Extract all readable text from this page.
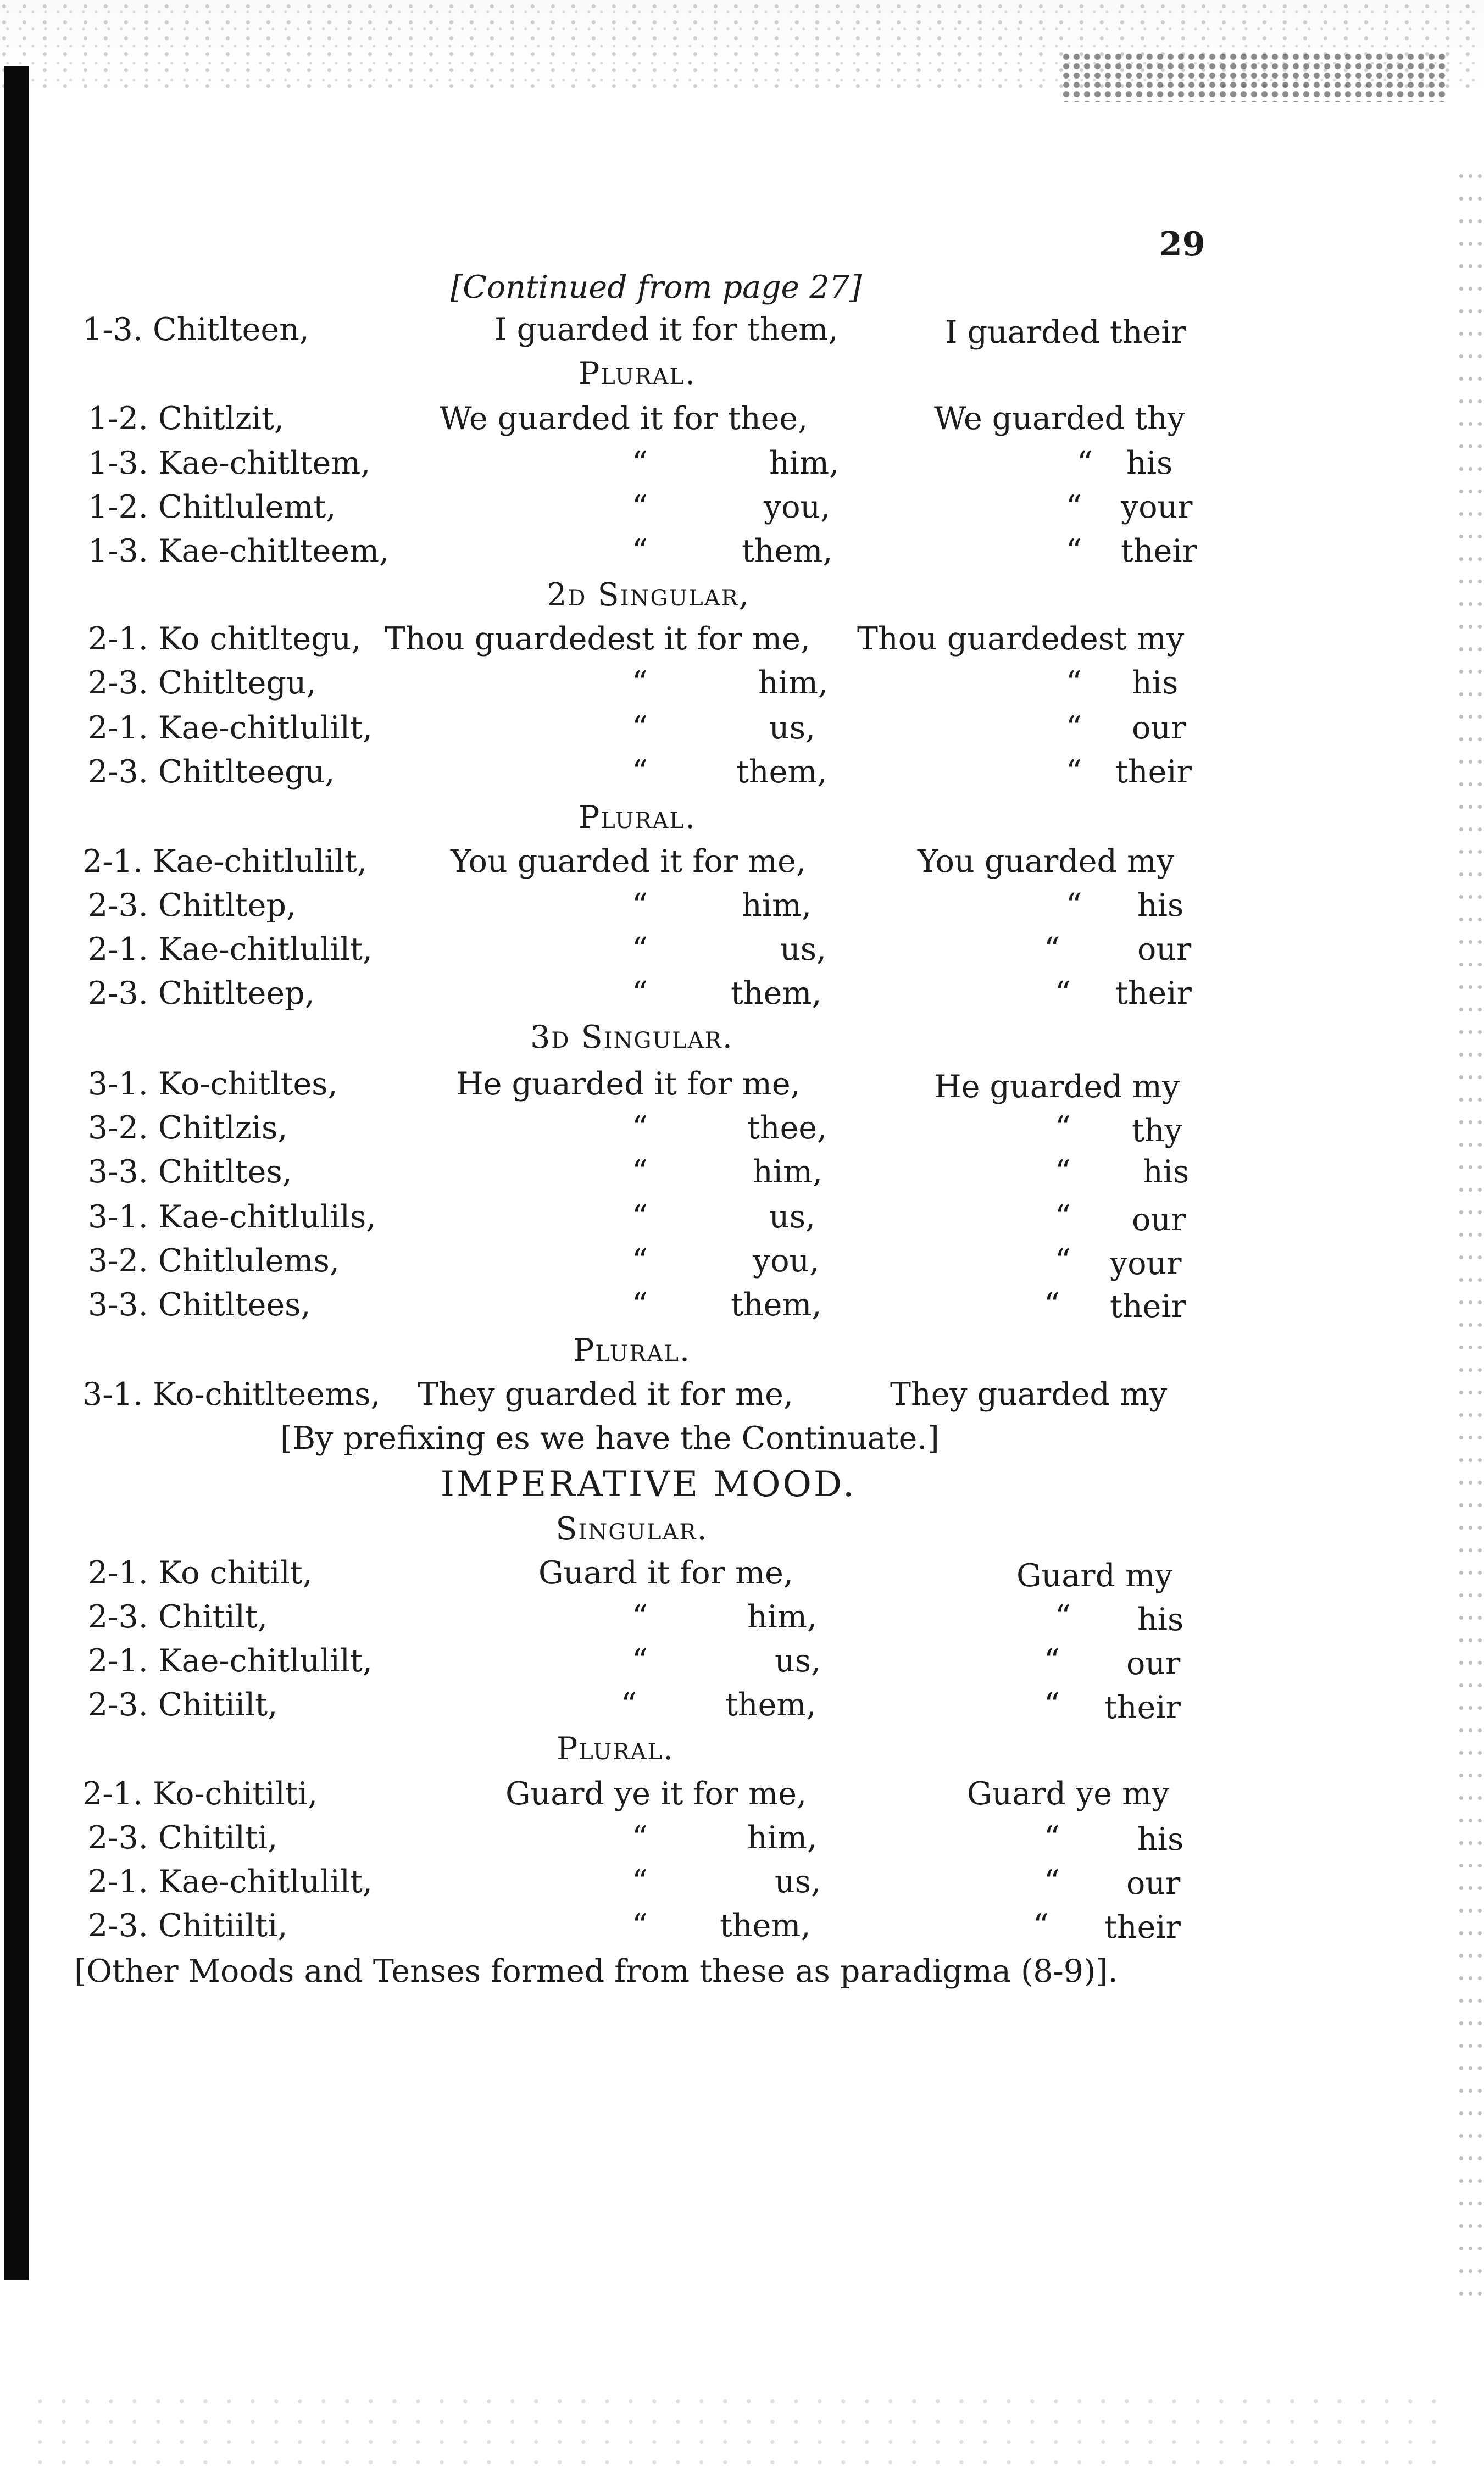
29
[Continued from page 27]
1-3. Chitlteen,	I guarded it for them,	I guarded their
Plural.
1-2. Chitlzit,	We guarded it for thee,	We guarded thy
1-3. Kae-chitltem,	“	him,	“ his
1-2. Chitlulemt,	“	you,	“ your
1-3. Kae-chitlteem,	“	them,	“ their
2d Singular,
2-1. Ko chitltegu, Thou guardedest it for me, Thou guardedest my
2-3. Chitltegu,	“	him,	“ his
2-1. Kae-chitlulilt,	“	us,	“ our
2-3. Chitlteegu,	“	them,	“ their
Plural.
2-1. Kae-chitlulilt,	You guarded it for me,	You guarded my
2-3. Chitltep,	“	him,	“ his
2-1. Kae-chitlulilt,	“	us,	“ our
2-3. Chitlteep,	“	them,	“ their
3d Singular.
3-1. Ko-chitltes,	He guarded it for me,	He guarded my
3-2. Chitlzis,	“	thee,	“ thy
3-3. Chitltes,	“	him,	“ his
3-1. Kae-chitlulils,	“	us,	“ our
3-2. Chitlulems,	“	you,	“ your
3-3. Chitltees,	“	them,	“ their
Plural.
3-1. Ko-chitlteems, They guarded it for me,	They guarded my
[By prefixing es we have the Continuate.]
IMPERATIVE MOOD.
Singular.
2-1. Ko chitilt,	Guard it for me,	Guard my
2-3. Chitilt,	“	him,	“ his
2-1. Kae-chitlulilt,	“	us,	“ our
2-3. Chitiilt,	“	them,	“ their
Plural.
2-1. Ko-chitilti,	Guard ye it for me,	Guard ye my
2-3. Chitilti,	“	him,	“ his
2-1. Kae-chitlulilt,	“	us,	“ our
2-3. Chitiilti,	“ them,	“ their
[Other Moods and Tenses formed from these as paradigma (8-9)].
